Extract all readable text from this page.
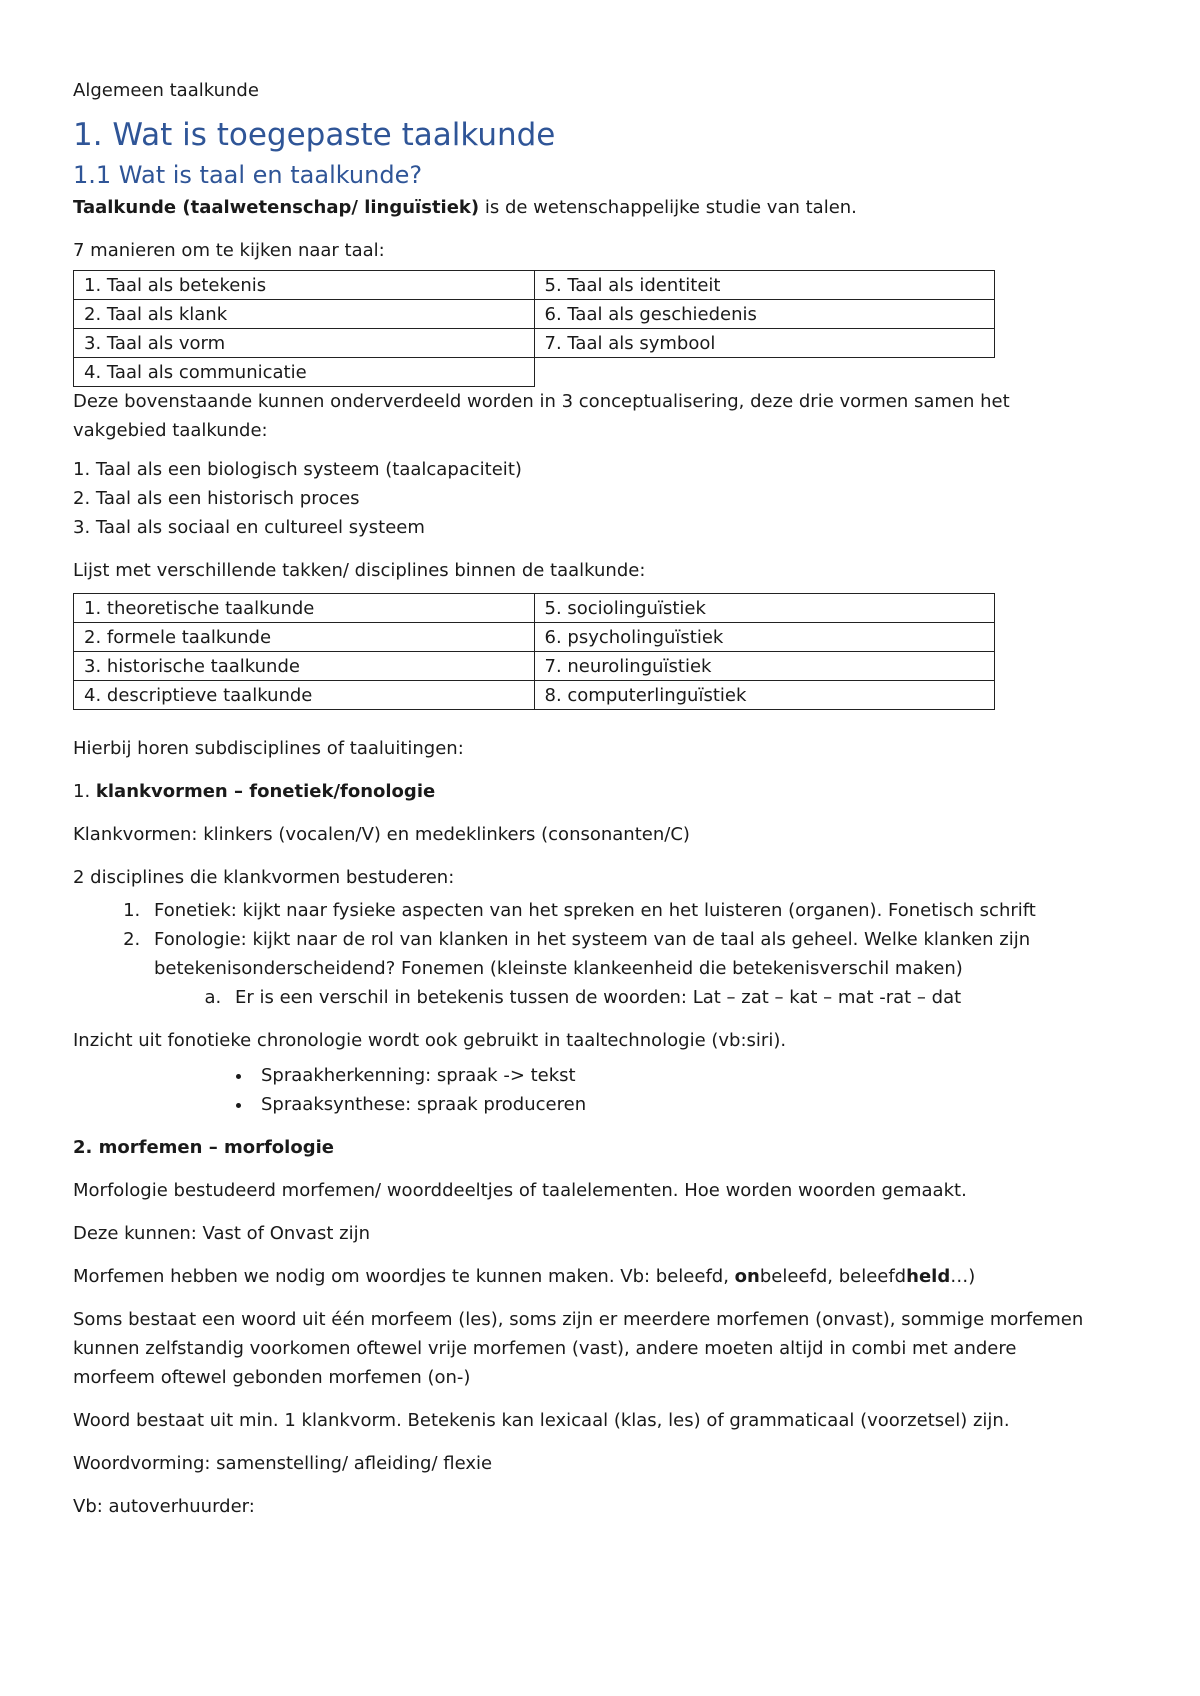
Algemeen taalkunde

1. Wat is toegepaste taalkunde
1.1 Wat is taal en taalkunde?

Taalkunde (taalwetenschap/ linguïstiek) is de wetenschappelijke studie van talen.

7 manieren om te kijken naar taal:

1. Taal als betekenis	5. Taal als identiteit
2. Taal als klank	6. Taal als geschiedenis
3. Taal als vorm	7. Taal als symbool
4. Taal als communicatie	

Deze bovenstaande kunnen onderverdeeld worden in 3 conceptualisering, deze drie vormen samen het vakgebied taalkunde:

1. Taal als een biologisch systeem (taalcapaciteit)

2. Taal als een historisch proces

3. Taal als sociaal en cultureel systeem

Lijst met verschillende takken/ disciplines binnen de taalkunde:

1. theoretische taalkunde	5. sociolinguïstiek
2. formele taalkunde	6. psycholinguïstiek
3. historische taalkunde	7. neurolinguïstiek
4. descriptieve taalkunde	8. computerlinguïstiek

Hierbij horen subdisciplines of taaluitingen:

1. klankvormen – fonetiek/fonologie

Klankvormen: klinkers (vocalen/V) en medeklinkers (consonanten/C)

2 disciplines die klankvormen bestuderen:

1. Fonetiek: kijkt naar fysieke aspecten van het spreken en het luisteren (organen). Fonetisch schrift
2. Fonologie: kijkt naar de rol van klanken in het systeem van de taal als geheel. Welke klanken zijn betekenisonderscheidend? Fonemen (kleinste klankeenheid die betekenisverschil maken)
a. Er is een verschil in betekenis tussen de woorden: Lat – zat – kat – mat -rat – dat

Inzicht uit fonotieke chronologie wordt ook gebruikt in taaltechnologie (vb:siri).

• Spraakherkenning: spraak -> tekst
• Spraaksynthese: spraak produceren

2. morfemen – morfologie

Morfologie bestudeerd morfemen/ woorddeeltjes of taalelementen. Hoe worden woorden gemaakt.

Deze kunnen: Vast of Onvast zijn

Morfemen hebben we nodig om woordjes te kunnen maken. Vb: beleefd, onbeleefd, beleefdheld…)

Soms bestaat een woord uit één morfeem (les), soms zijn er meerdere morfemen (onvast), sommige morfemen kunnen zelfstandig voorkomen oftewel vrije morfemen (vast), andere moeten altijd in combi met andere morfeem oftewel gebonden morfemen (on-)

Woord bestaat uit min. 1 klankvorm. Betekenis kan lexicaal (klas, les) of grammaticaal (voorzetsel) zijn.

Woordvorming: samenstelling/ afleiding/ flexie

Vb: autoverhuurder:
